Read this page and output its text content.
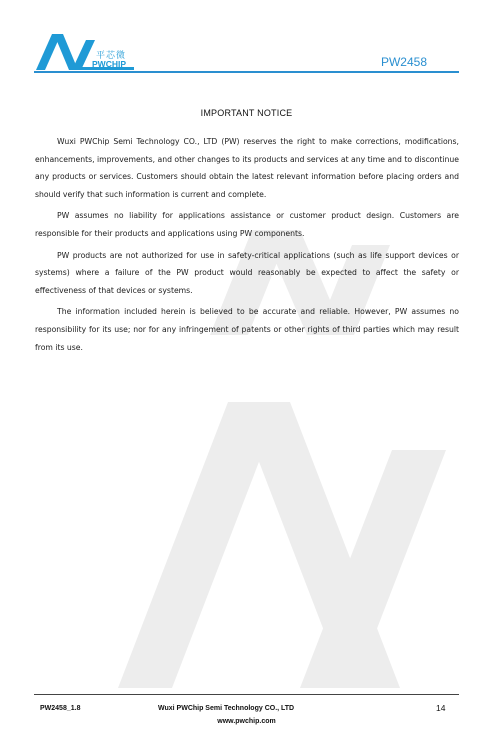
平芯微
PWCHIP	PW2458
IMPORTANT NOTICE

Wuxi PWChip Semi Technology CO., LTD (PW) reserves the right to make corrections, modifications, enhancements, improvements, and other changes to its products and services at any time and to discontinue any products or services. Customers should obtain the latest relevant information before placing orders and should verify that such information is current and complete.

PW assumes no liability for applications assistance or customer product design. Customers are responsible for their products and applications using PW components.

PW products are not authorized for use in safety-critical applications (such as life support devices or systems) where a failure of the PW product would reasonably be expected to affect the safety or effectiveness of that devices or systems.

The information included herein is believed to be accurate and reliable. However, PW assumes no responsibility for its use; nor for any infringement of patents or other rights of third parties which may result from its use.

PW2458_1.8	Wuxi PWChip Semi Technology CO., LTD
www.pwchip.com
14
